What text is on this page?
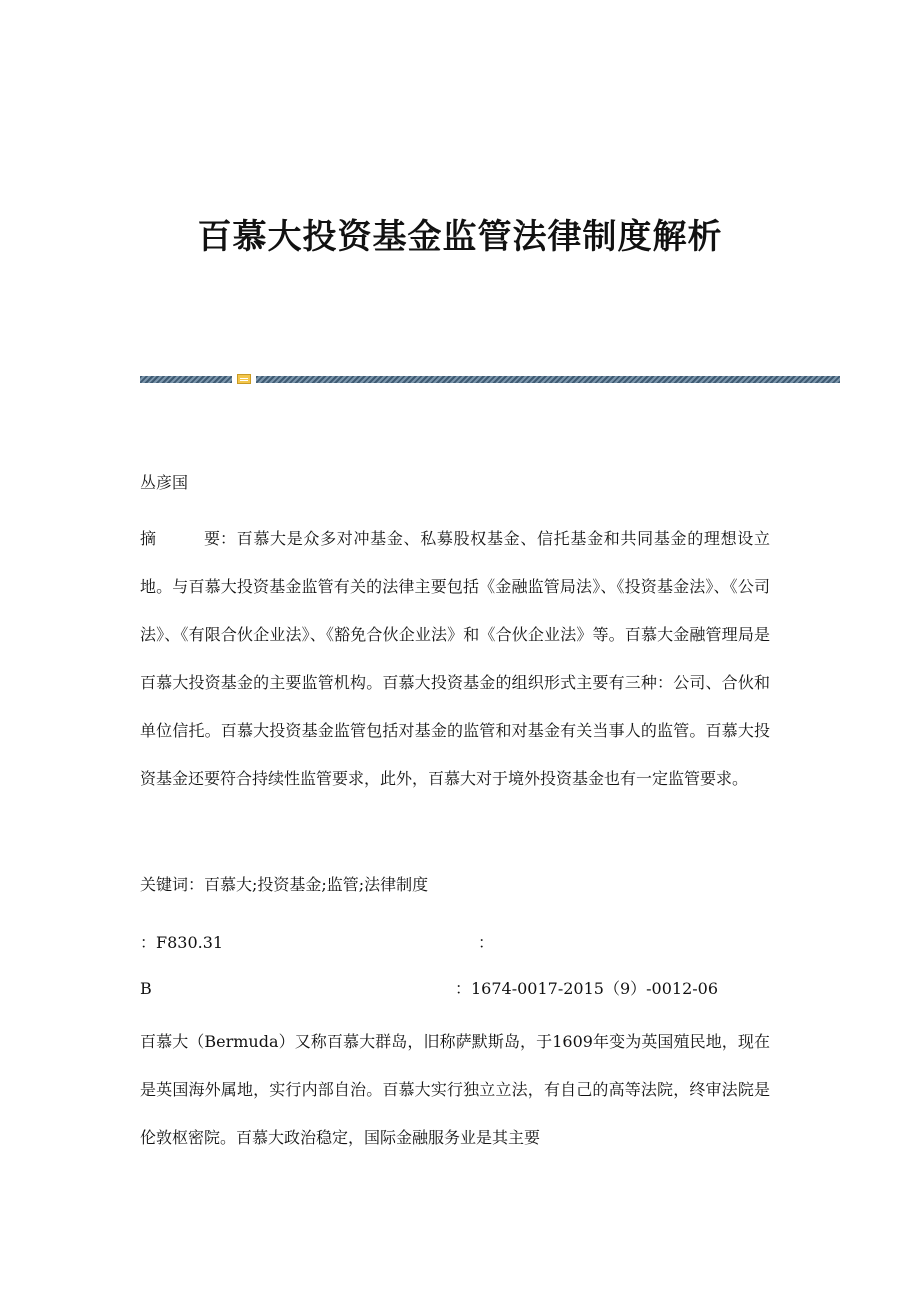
百慕大投资基金监管法律制度解析
丛彦国
摘	要：百慕大是众多对冲基金、私募股权基金、信托基金和共同基金的理想设立地。与百慕大投资基金监管有关的法律主要包括《金融监管局法》、《投资基金法》、《公司法》、《有限合伙企业法》、《豁免合伙企业法》和《合伙企业法》等。百慕大金融管理局是百慕大投资基金的主要监管机构。百慕大投资基金的组织形式主要有三种：公司、合伙和单位信托。百慕大投资基金监管包括对基金的监管和对基金有关当事人的监管。百慕大投资基金还要符合持续性监管要求，此外，百慕大对于境外投资基金也有一定监管要求。
关键词：百慕大;投资基金;监管;法律制度
：F830.31	：
B	：1674-0017-2015（9）-0012-06
百慕大（Bermuda）又称百慕大群岛，旧称萨默斯岛，于1609年变为英国殖民地，现在是英国海外属地，实行内部自治。百慕大实行独立立法，有自己的高等法院，终审法院是伦敦枢密院。百慕大政治稳定，国际金融服务业是其主要
